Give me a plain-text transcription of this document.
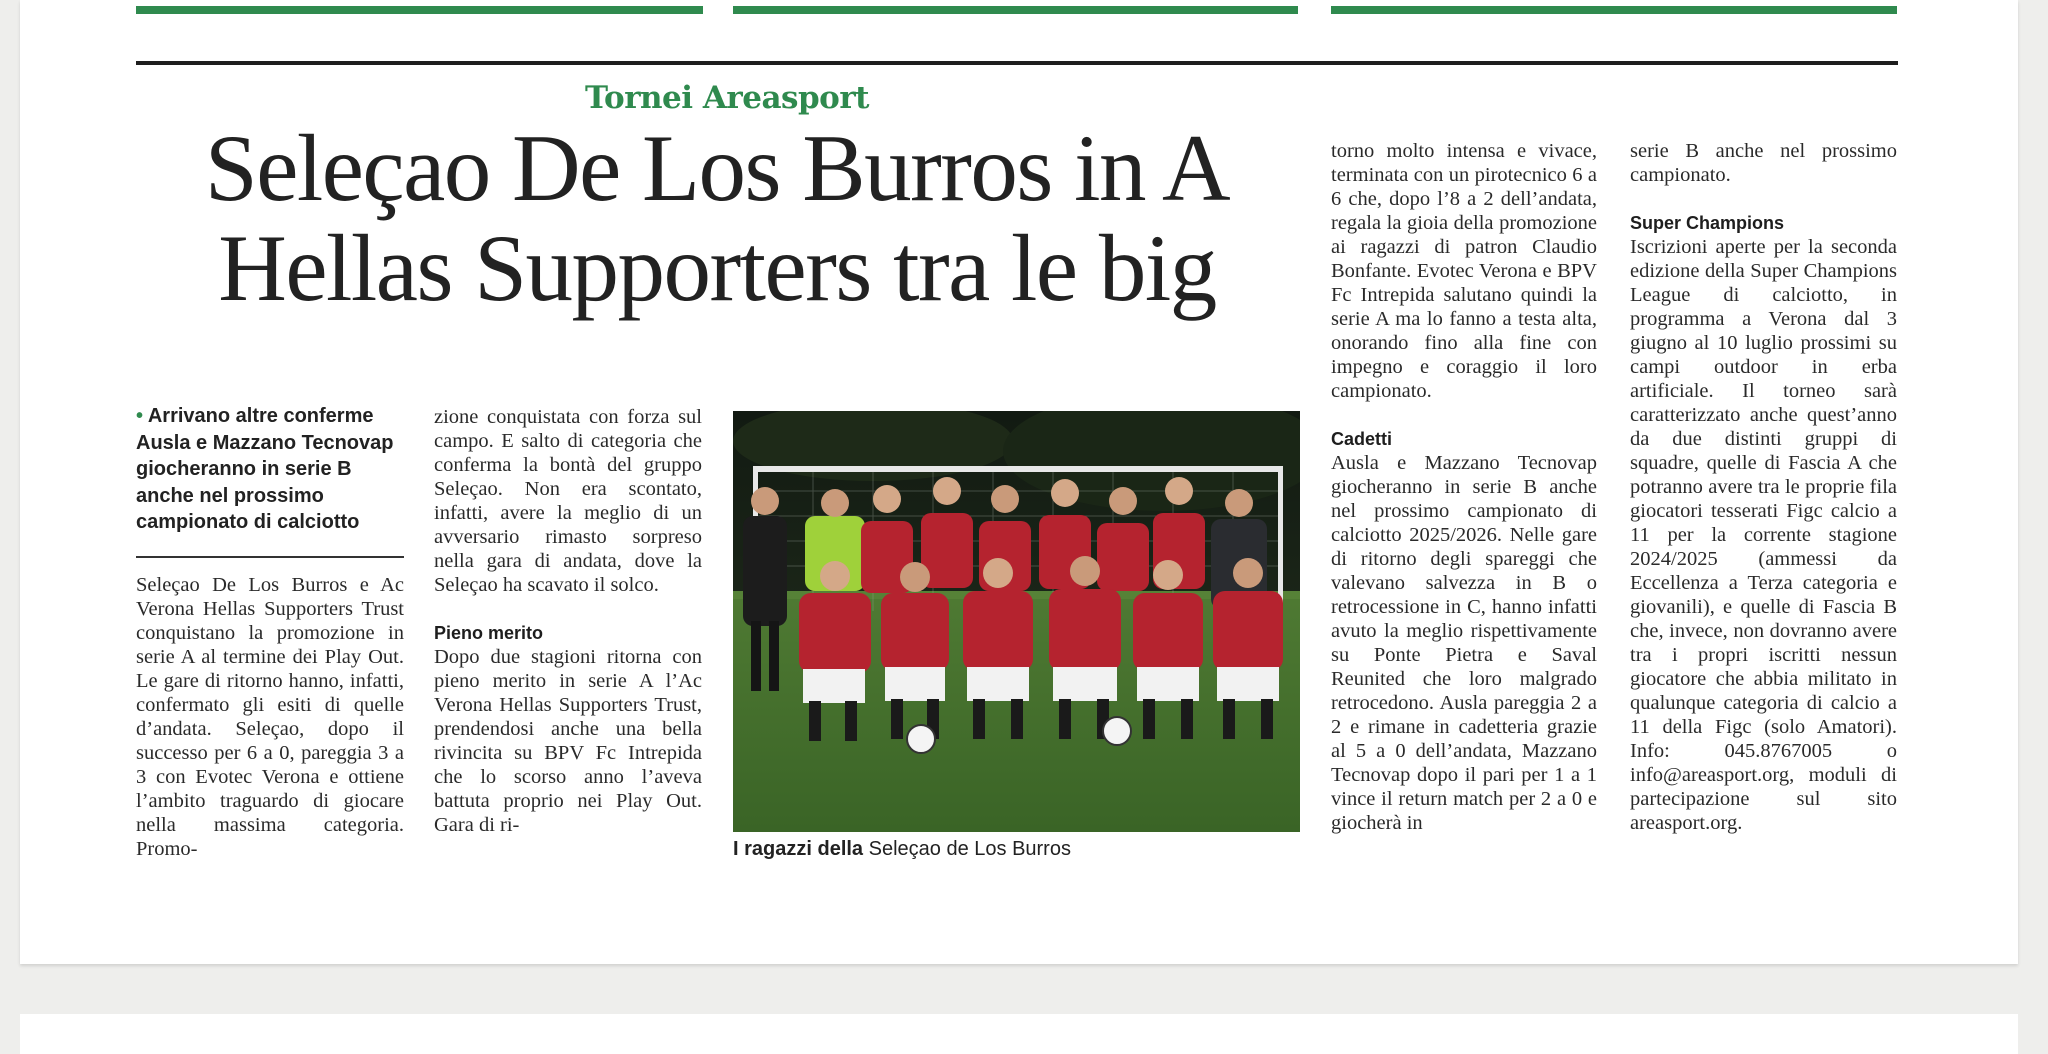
Tornei Areasport
Seleçao De Los Burros in A
Hellas Supporters tra le big
• Arrivano altre conferme Ausla e Mazzano Tecnovap giocheranno in serie B anche nel prossimo campionato di calciotto

Seleçao De Los Burros e Ac Verona Hellas Supporters Trust conquistano la promozione in serie A al termine dei Play Out. Le gare di ritorno hanno, infatti, confermato gli esiti di quelle d’andata. Seleçao, dopo il successo per 6 a 0, pareggia 3 a 3 con Evotec Verona e ottiene l’ambito traguardo di giocare nella massima categoria. Promo-

zione conquistata con forza sul campo. E salto di categoria che conferma la bontà del gruppo Seleçao. Non era scontato, infatti, avere la meglio di un avversario rimasto sorpreso nella gara di andata, dove la Seleçao ha scavato il solco.

Pieno merito

Dopo due stagioni ritorna con pieno merito in serie A l’Ac Verona Hellas Supporters Trust, prendendosi anche una bella rivincita su BPV Fc Intrepida che lo scorso anno l’aveva battuta proprio nei Play Out. Gara di ri-

I ragazzi della Seleçao de Los Burros

torno molto intensa e vivace, terminata con un pirotecnico 6 a 6 che, dopo l’8 a 2 dell’andata, regala la gioia della promozione ai ragazzi di patron Claudio Bonfante. Evotec Verona e BPV Fc Intrepida salutano quindi la serie A ma lo fanno a testa alta, onorando fino alla fine con impegno e coraggio il loro campionato.

Cadetti

Ausla e Mazzano Tecnovap giocheranno in serie B anche nel prossimo campionato di calciotto 2025/2026. Nelle gare di ritorno degli spareggi che valevano salvezza in B o retrocessione in C, hanno infatti avuto la meglio rispettivamente su Ponte Pietra e Saval Reunited che loro malgrado retrocedono. Ausla pareggia 2 a 2 e rimane in cadetteria grazie al 5 a 0 dell’andata, Mazzano Tecnovap dopo il pari per 1 a 1 vince il return match per 2 a 0 e giocherà in

serie B anche nel prossimo campionato.

Super Champions

Iscrizioni aperte per la seconda edizione della Super Champions League di calciotto, in programma a Verona dal 3 giugno al 10 luglio prossimi su campi outdoor in erba artificiale. Il torneo sarà caratterizzato anche quest’anno da due distinti gruppi di squadre, quelle di Fascia A che potranno avere tra le proprie fila giocatori tesserati Figc calcio a 11 per la corrente stagione 2024/2025 (ammessi da Eccellenza a Terza categoria e giovanili), e quelle di Fascia B che, invece, non dovranno avere tra i propri iscritti nessun giocatore che abbia militato in qualunque categoria di calcio a 11 della Figc (solo Amatori). Info: 045.8767005 o info@areasport.org, moduli di partecipazione sul sito areasport.org.
